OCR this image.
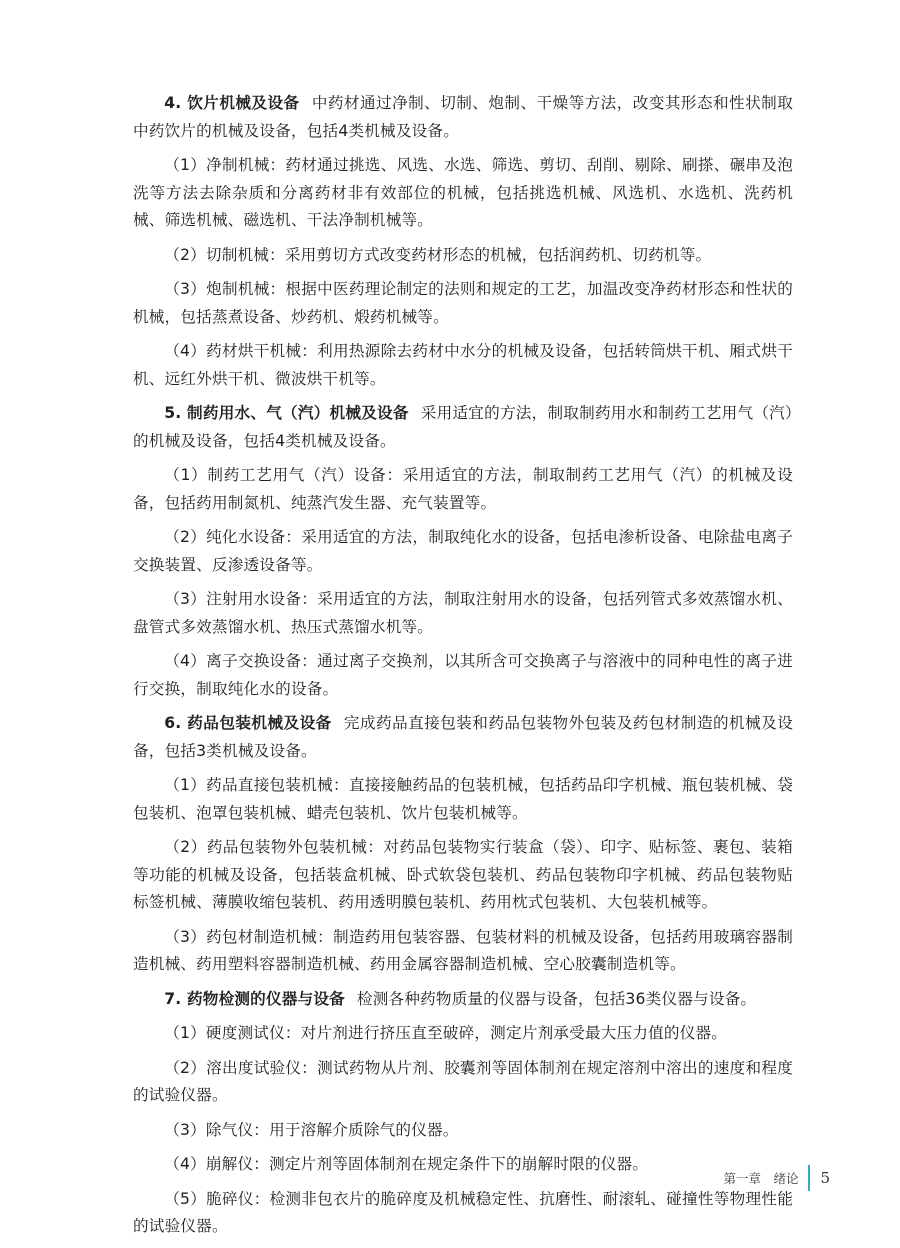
4. 饮片机械及设备 中药材通过净制、切制、炮制、干燥等方法，改变其形态和性状制取中药饮片的机械及设备，包括4类机械及设备。

（1）净制机械：药材通过挑选、风选、水选、筛选、剪切、刮削、剔除、刷搽、碾串及泡洗等方法去除杂质和分离药材非有效部位的机械，包括挑选机械、风选机、水选机、洗药机械、筛选机械、磁选机、干法净制机械等。

（2）切制机械：采用剪切方式改变药材形态的机械，包括润药机、切药机等。

（3）炮制机械：根据中医药理论制定的法则和规定的工艺，加温改变净药材形态和性状的机械，包括蒸煮设备、炒药机、煅药机械等。

（4）药材烘干机械：利用热源除去药材中水分的机械及设备，包括转筒烘干机、厢式烘干机、远红外烘干机、微波烘干机等。

5. 制药用水、气（汽）机械及设备 采用适宜的方法，制取制药用水和制药工艺用气（汽）的机械及设备，包括4类机械及设备。

（1）制药工艺用气（汽）设备：采用适宜的方法，制取制药工艺用气（汽）的机械及设备，包括药用制氮机、纯蒸汽发生器、充气装置等。

（2）纯化水设备：采用适宜的方法，制取纯化水的设备，包括电渗析设备、电除盐电离子交换装置、反渗透设备等。

（3）注射用水设备：采用适宜的方法，制取注射用水的设备，包括列管式多效蒸馏水机、盘管式多效蒸馏水机、热压式蒸馏水机等。

（4）离子交换设备：通过离子交换剂，以其所含可交换离子与溶液中的同种电性的离子进行交换，制取纯化水的设备。

6. 药品包装机械及设备 完成药品直接包装和药品包装物外包装及药包材制造的机械及设备，包括3类机械及设备。

（1）药品直接包装机械：直接接触药品的包装机械，包括药品印字机械、瓶包装机械、袋包装机、泡罩包装机械、蜡壳包装机、饮片包装机械等。

（2）药品包装物外包装机械：对药品包装物实行装盒（袋）、印字、贴标签、裹包、装箱等功能的机械及设备，包括装盒机械、卧式软袋包装机、药品包装物印字机械、药品包装物贴标签机械、薄膜收缩包装机、药用透明膜包装机、药用枕式包装机、大包装机械等。

（3）药包材制造机械：制造药用包装容器、包装材料的机械及设备，包括药用玻璃容器制造机械、药用塑料容器制造机械、药用金属容器制造机械、空心胶囊制造机等。

7. 药物检测的仪器与设备 检测各种药物质量的仪器与设备，包括36类仪器与设备。

（1）硬度测试仪：对片剂进行挤压直至破碎，测定片剂承受最大压力值的仪器。

（2）溶出度试验仪：测试药物从片剂、胶囊剂等固体制剂在规定溶剂中溶出的速度和程度的试验仪器。

（3）除气仪：用于溶解介质除气的仪器。

（4）崩解仪：测定片剂等固体制剂在规定条件下的崩解时限的仪器。

（5）脆碎仪：检测非包衣片的脆碎度及机械稳定性、抗磨性、耐滚轧、碰撞性等物理性能的试验仪器。

第一章　绪论 5
